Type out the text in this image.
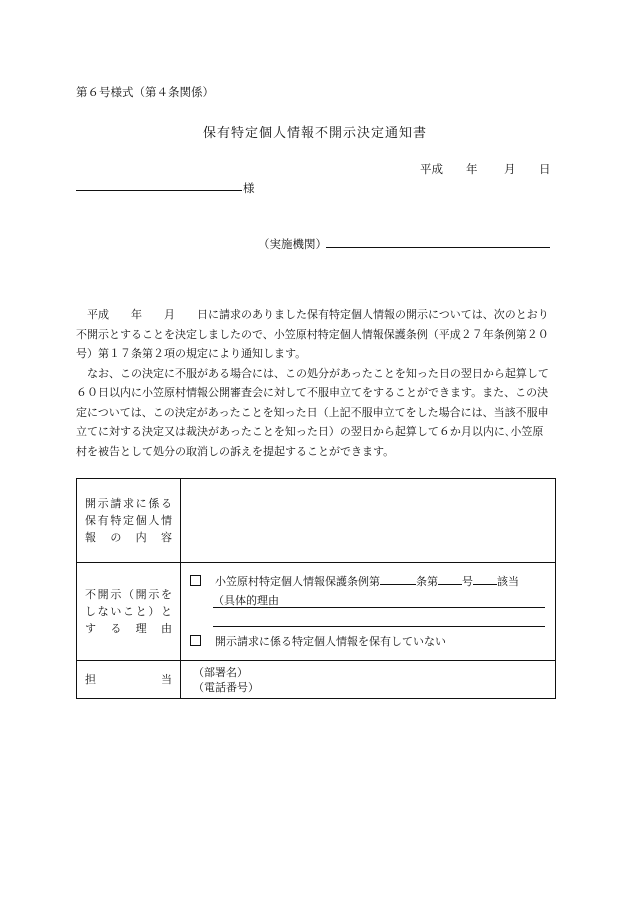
第６号様式（第４条関係）
保有特定個人情報不開示決定通知書
平成 年 月 日
様
（実施機関）

平成　　年　　月　　日に請求のありました保有特定個人情報の開示については、次のとおり不開示とすることを決定しましたので、小笠原村特定個人情報保護条例（平成２７年条例第２０号）第１７条第２項の規定により通知します。

なお、この決定に不服がある場合には、この処分があったことを知った日の翌日から起算して６０日以内に小笠原村情報公開審査会に対して不服申立てをすることができます。また、この決定については、この決定があったことを知った日（上記不服申立てをした場合には、当該不服申立てに対する決定又は裁決があったことを知った日）の翌日から起算して６か月以内に､小笠原村を被告として処分の取消しの訴えを提起することができます。

開示請求に係る保有特定個人情報の内容	
不開示（開示をしないこと）とする理由	小笠原村特定個人情報保護条例第 条第 号 該当
（具体的理由
開示請求に係る特定個人情報を保有していない

担当	（部署名）
（電話番号）
